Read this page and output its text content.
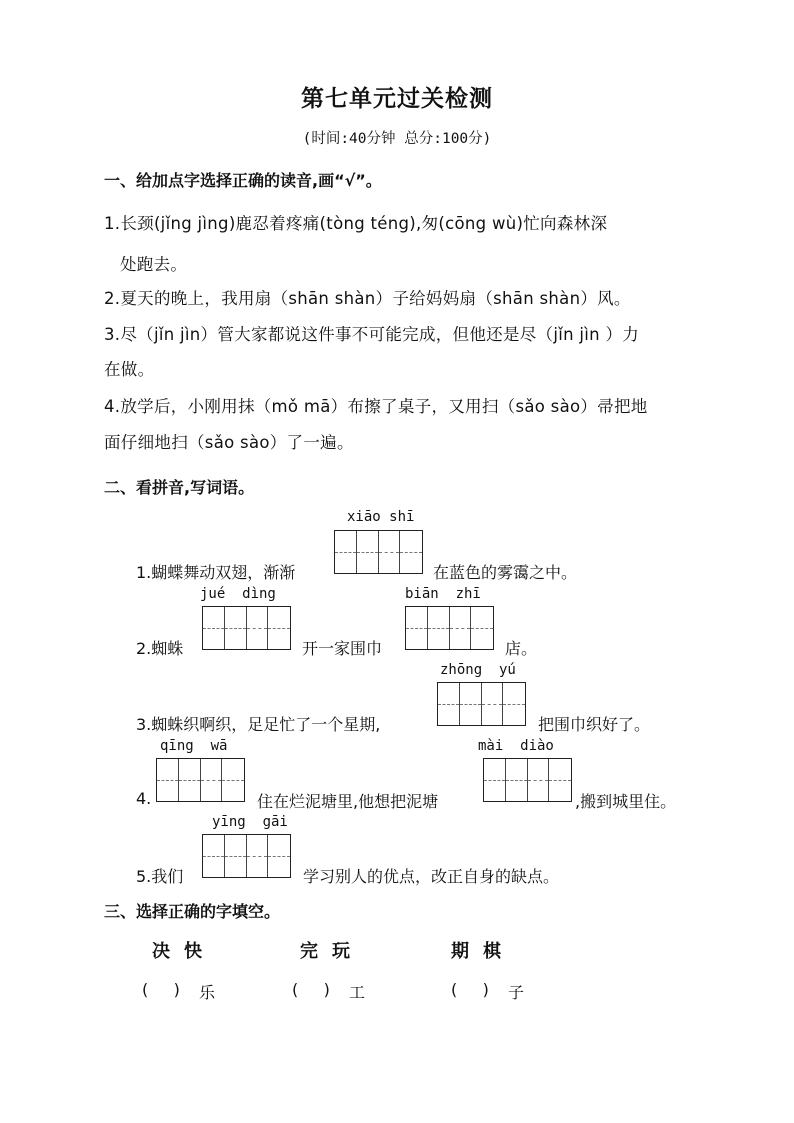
第七单元过关检测
(时间:40分钟 总分:100分)
一、给加点字选择正确的读音,画“√”。
1.长颈(jǐng jìng)鹿忍着疼痛(tòng téng),匆(cōng wù)忙向森林深
处跑去。
2.夏天的晚上，我用扇（shān shàn）子给妈妈扇（shān shàn）风。
3.尽（jǐn jìn）管大家都说这件事不可能完成，但他还是尽（jǐn jìn ）力
在做。
4.放学后，小刚用抹（mǒ mā）布擦了桌子，又用扫（sǎo sào）帚把地
面仔细地扫（sǎo sào）了一遍。
二、看拼音,写词语。
xiāo shī
1.蝴蝶舞动双翅，渐渐	在蓝色的雾霭之中。
jué  dìng
2.蜘蛛	开一家围巾
biān  zhī
店。
zhōng  yú
3.蜘蛛织啊织，足足忙了一个星期,	把围巾织好了。
qīng  wā
4.	住在烂泥塘里,他想把泥塘
mài  diào
,搬到城里住。
yīng  gāi
5.我们	学习别人的优点，改正自身的缺点。
三、选择正确的字填空。
决快	完玩	期棋
(     ) 乐	(     ) 工	(     ) 子
